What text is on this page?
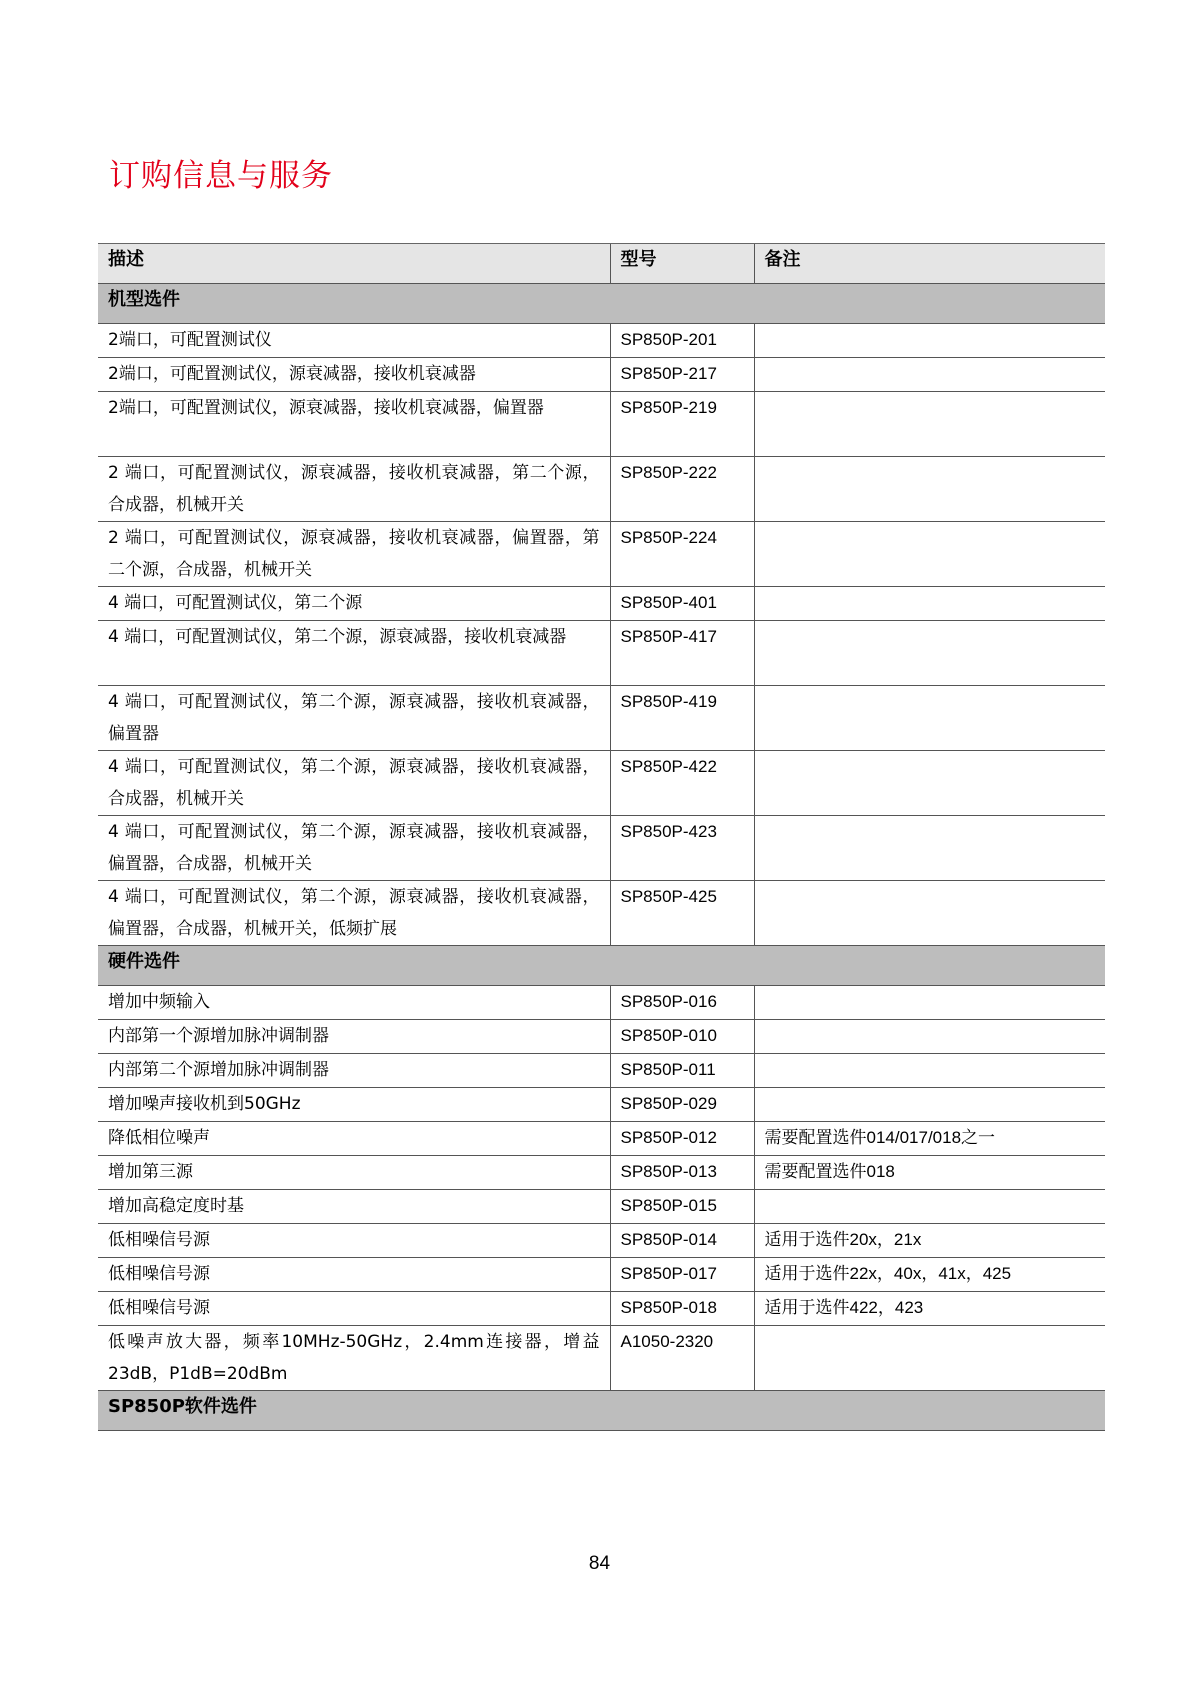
订购信息与服务
描述	型号	备注
机型选件		
2端口，可配置测试仪	SP850P-201	
2端口，可配置测试仪，源衰减器，接收机衰减器	SP850P-217	
2端口，可配置测试仪，源衰减器，接收机衰减器，偏置器	SP850P-219	
2 端口，可配置测试仪，源衰减器，接收机衰减器，第二个源，合成器，机械开关	SP850P-222	
2 端口，可配置测试仪，源衰减器，接收机衰减器，偏置器，第二个源，合成器，机械开关	SP850P-224	
4 端口，可配置测试仪，第二个源	SP850P-401	
4 端口，可配置测试仪，第二个源，源衰减器，接收机衰减器	SP850P-417	
4 端口，可配置测试仪，第二个源，源衰减器，接收机衰减器，偏置器	SP850P-419	
4 端口，可配置测试仪，第二个源，源衰减器，接收机衰减器，合成器，机械开关	SP850P-422	
4 端口，可配置测试仪，第二个源，源衰减器，接收机衰减器，偏置器，合成器，机械开关	SP850P-423	
4 端口，可配置测试仪，第二个源，源衰减器，接收机衰减器，偏置器，合成器，机械开关，低频扩展	SP850P-425	
硬件选件		
增加中频输入	SP850P-016	
内部第一个源增加脉冲调制器	SP850P-010	
内部第二个源增加脉冲调制器	SP850P-011	
增加噪声接收机到50GHz	SP850P-029	
降低相位噪声	SP850P-012	需要配置选件014/017/018之一
增加第三源	SP850P-013	需要配置选件018
增加高稳定度时基	SP850P-015	
低相噪信号源	SP850P-014	适用于选件20x，21x
低相噪信号源	SP850P-017	适用于选件22x，40x，41x，425
低相噪信号源	SP850P-018	适用于选件422，423
低噪声放大器，频率10MHz-50GHz，2.4mm连接器，增益23dB，P1dB=20dBm	A1050-2320	
SP850P软件选件		
84
